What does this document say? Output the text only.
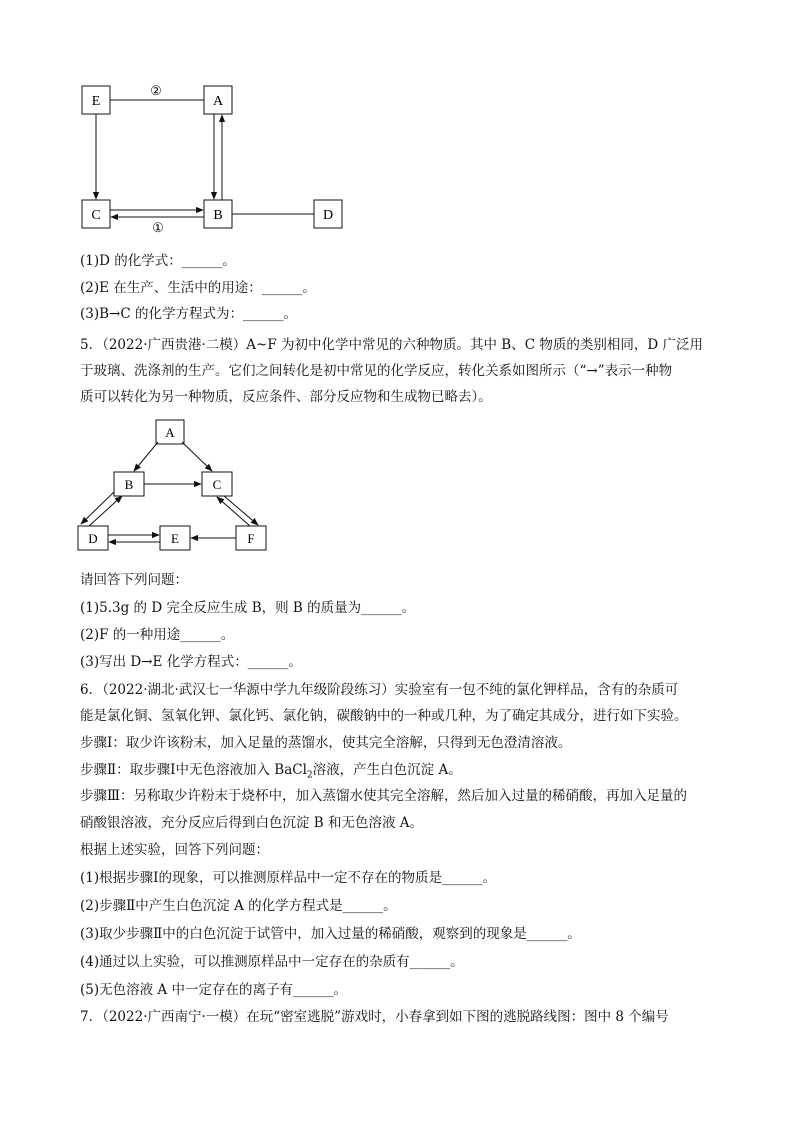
E	A
C	B	D
②
①
(1)D 的化学式：______。
(2)E 在生产、生活中的用途：______。
(3)B→C 的化学方程式为：______。
5．（2022·广西贵港·二模）A~F 为初中化学中常见的六种物质。其中 B、C 物质的类别相同，D 广泛用
于玻璃、洗涤剂的生产。它们之间转化是初中常见的化学反应，转化关系如图所示（“→”表示一种物
质可以转化为另一种物质，反应条件、部分反应物和生成物已略去）。
A
B	C
D	E	F
请回答下列问题：
(1)5.3g 的 D 完全反应生成 B，则 B 的质量为______。
(2)F 的一种用途______。
(3)写出 D→E 化学方程式：______。
6．（2022·湖北·武汉七一华源中学九年级阶段练习）实验室有一包不纯的氯化钾样品，含有的杂质可
能是氯化铜、氢氧化钾、氯化钙、氯化钠，碳酸钠中的一种或几种，为了确定其成分，进行如下实验。
步骤Ⅰ：取少许该粉末，加入足量的蒸馏水，使其完全溶解，只得到无色澄清溶液。
步骤Ⅱ：取步骤Ⅰ中无色溶液加入 BaCl$_2$溶液，产生白色沉淀 A。
步骤Ⅲ：另称取少许粉末于烧杯中，加入蒸馏水使其完全溶解，然后加入过量的稀硝酸，再加入足量的
硝酸银溶液，充分反应后得到白色沉淀 B 和无色溶液 A。
根据上述实验，回答下列问题：
(1)根据步骤Ⅰ的现象，可以推测原样品中一定不存在的物质是______。
(2)步骤Ⅱ中产生白色沉淀 A 的化学方程式是______。
(3)取少步骤Ⅱ中的白色沉淀于试管中，加入过量的稀硝酸，观察到的现象是______。
(4)通过以上实验，可以推测原样品中一定存在的杂质有______。
(5)无色溶液 A 中一定存在的离子有______。
7．（2022·广西南宁·一模）在玩“密室逃脱”游戏时，小春拿到如下图的逃脱路线图：图中 8 个编号
